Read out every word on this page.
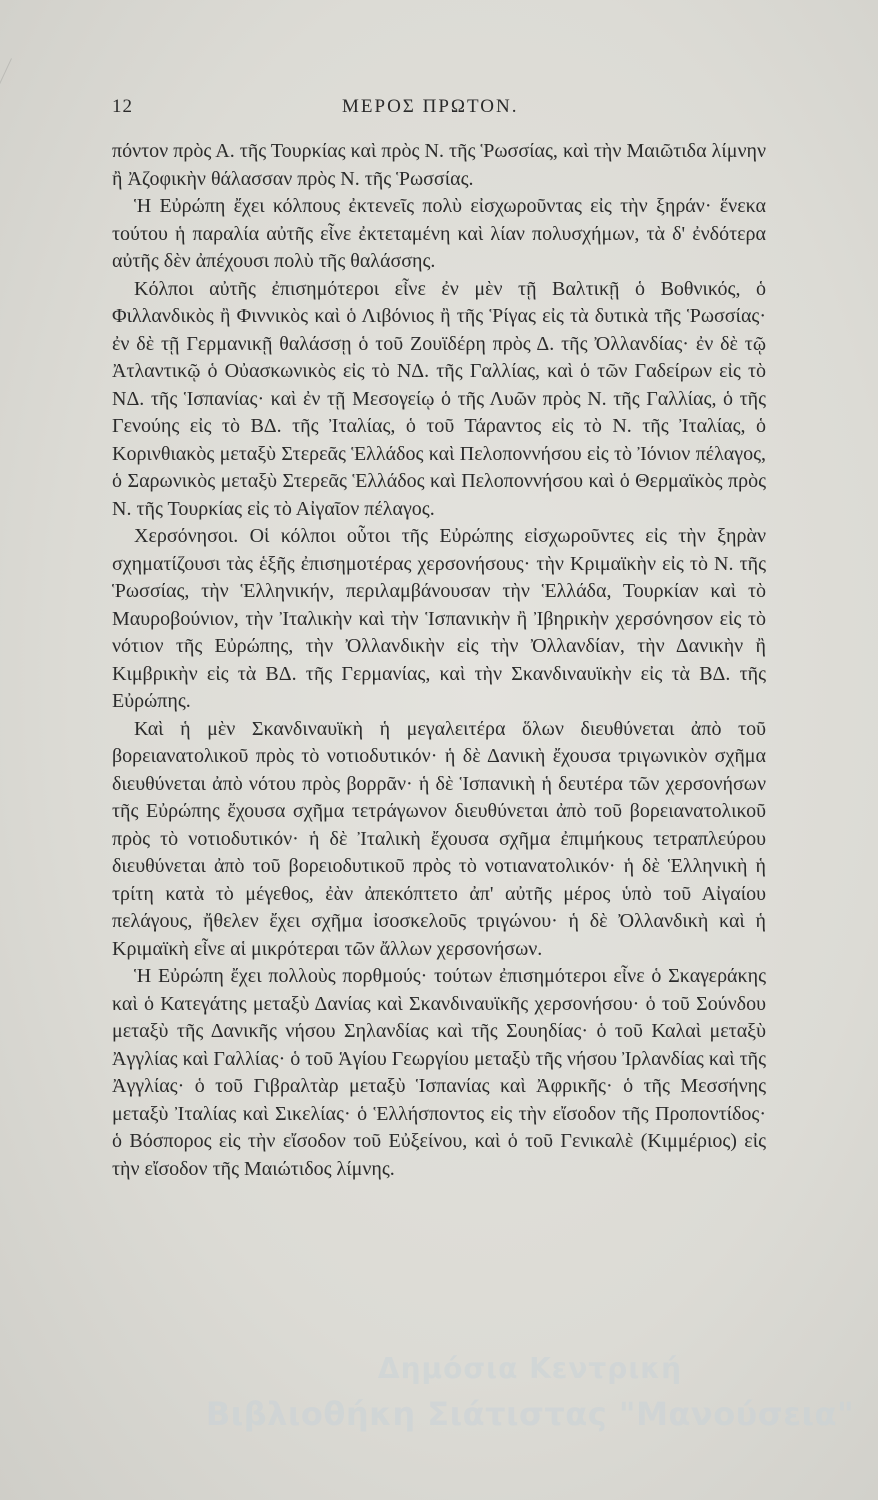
12	ΜΕΡΟΣ ΠΡΩΤΟΝ.

πόντον πρὸς Α. τῆς Τουρκίας καὶ πρὸς Ν. τῆς Ῥωσσίας, καὶ τὴν Μαιῶτιδα λίμνην ἢ Ἀζοφικὴν θάλασσαν πρὸς Ν. τῆς Ῥωσσίας.

Ἡ Εὐρώπη ἔχει κόλπους ἐκτενεῖς πολὺ εἰσχωροῦντας εἰς τὴν ξηράν· ἕνεκα τούτου ἡ παραλία αὐτῆς εἶνε ἐκτεταμένη καὶ λίαν πολυσχήμων, τὰ δ' ἐνδότερα αὐτῆς δὲν ἀπέχουσι πολὺ τῆς θαλάσσης.

Κόλποι αὐτῆς ἐπισημότεροι εἶνε ἐν μὲν τῇ Βαλτικῇ ὁ Βοθνικός, ὁ Φιλλανδικὸς ἢ Φιννικὸς καὶ ὁ Λιβόνιος ἢ τῆς Ῥίγας εἰς τὰ δυτικὰ τῆς Ῥωσσίας· ἐν δὲ τῇ Γερμανικῇ θαλάσσῃ ὁ τοῦ Ζουϊδέρη πρὸς Δ. τῆς Ὀλλανδίας· ἐν δὲ τῷ Ἀτλαντικῷ ὁ Οὐασκωνικὸς εἰς τὸ ΝΔ. τῆς Γαλλίας, καὶ ὁ τῶν Γαδείρων εἰς τὸ ΝΔ. τῆς Ἱσπανίας· καὶ ἐν τῇ Μεσογείῳ ὁ τῆς Λυῶν πρὸς Ν. τῆς Γαλλίας, ὁ τῆς Γενούης εἰς τὸ ΒΔ. τῆς Ἰταλίας, ὁ τοῦ Τάραντος εἰς τὸ Ν. τῆς Ἰταλίας, ὁ Κορινθιακὸς μεταξὺ Στερεᾶς Ἑλλάδος καὶ Πελοποννήσου εἰς τὸ Ἰόνιον πέλαγος, ὁ Σαρωνικὸς μεταξὺ Στερεᾶς Ἑλλάδος καὶ Πελοποννήσου καὶ ὁ Θερμαϊκὸς πρὸς Ν. τῆς Τουρκίας εἰς τὸ Αἰγαῖον πέλαγος.

Χερσόνησοι. Οἱ κόλποι οὗτοι τῆς Εὐρώπης εἰσχωροῦντες εἰς τὴν ξηρὰν σχηματίζουσι τὰς ἑξῆς ἐπισημοτέρας χερσονήσους· τὴν Κριμαϊκὴν εἰς τὸ Ν. τῆς Ῥωσσίας, τὴν Ἑλληνικήν, περιλαμβάνουσαν τὴν Ἑλλάδα, Τουρκίαν καὶ τὸ Μαυροβούνιον, τὴν Ἰταλικὴν καὶ τὴν Ἱσπανικὴν ἢ Ἰβηρικὴν χερσόνησον εἰς τὸ νότιον τῆς Εὐρώπης, τὴν Ὀλλανδικὴν εἰς τὴν Ὀλλανδίαν, τὴν Δανικὴν ἢ Κιμβρικὴν εἰς τὰ ΒΔ. τῆς Γερμανίας, καὶ τὴν Σκανδιναυϊκὴν εἰς τὰ ΒΔ. τῆς Εὐρώπης.

Καὶ ἡ μὲν Σκανδιναυϊκὴ ἡ μεγαλειτέρα ὅλων διευθύνεται ἀπὸ τοῦ βορειανατολικοῦ πρὸς τὸ νοτιοδυτικόν· ἡ δὲ Δανικὴ ἔχουσα τριγωνικὸν σχῆμα διευθύνεται ἀπὸ νότου πρὸς βορρᾶν· ἡ δὲ Ἱσπανικὴ ἡ δευτέρα τῶν χερσονήσων τῆς Εὐρώπης ἔχουσα σχῆμα τετράγωνον διευθύνεται ἀπὸ τοῦ βορειανατολικοῦ πρὸς τὸ νοτιοδυτικόν· ἡ δὲ Ἰταλικὴ ἔχουσα σχῆμα ἐπιμήκους τετραπλεύρου διευθύνεται ἀπὸ τοῦ βορειοδυτικοῦ πρὸς τὸ νοτιανατολικόν· ἡ δὲ Ἑλληνικὴ ἡ τρίτη κατὰ τὸ μέγεθος, ἐὰν ἀπεκόπτετο ἀπ' αὐτῆς μέρος ὑπὸ τοῦ Αἰγαίου πελάγους, ἤθελεν ἔχει σχῆμα ἰσοσκελοῦς τριγώνου· ἡ δὲ Ὀλλανδικὴ καὶ ἡ Κριμαϊκὴ εἶνε αἱ μικρότεραι τῶν ἄλλων χερσονήσων.

Ἡ Εὐρώπη ἔχει πολλοὺς πορθμούς· τούτων ἐπισημότεροι εἶνε ὁ Σκαγεράκης καὶ ὁ Κατεγάτης μεταξὺ Δανίας καὶ Σκανδιναυϊκῆς χερσονήσου· ὁ τοῦ Σούνδου μεταξὺ τῆς Δανικῆς νήσου Σηλανδίας καὶ τῆς Σουηδίας· ὁ τοῦ Καλαὶ μεταξὺ Ἀγγλίας καὶ Γαλλίας· ὁ τοῦ Ἁγίου Γεωργίου μεταξὺ τῆς νήσου Ἰρλανδίας καὶ τῆς Ἀγγλίας· ὁ τοῦ Γιβραλτὰρ μεταξὺ Ἱσπανίας καὶ Ἀφρικῆς· ὁ τῆς Μεσσήνης μεταξὺ Ἰταλίας καὶ Σικελίας· ὁ Ἑλλήσποντος εἰς τὴν εἴσοδον τῆς Προποντίδος· ὁ Βόσπορος εἰς τὴν εἴσοδον τοῦ Εὐξείνου, καὶ ὁ τοῦ Γενικαλὲ (Κιμμέριος) εἰς τὴν εἴσοδον τῆς Μαιώτιδος λίμνης.

Δημόσια Κεντρική
Βιβλιοθήκη Σιάτιστας "Μανούσεια"
